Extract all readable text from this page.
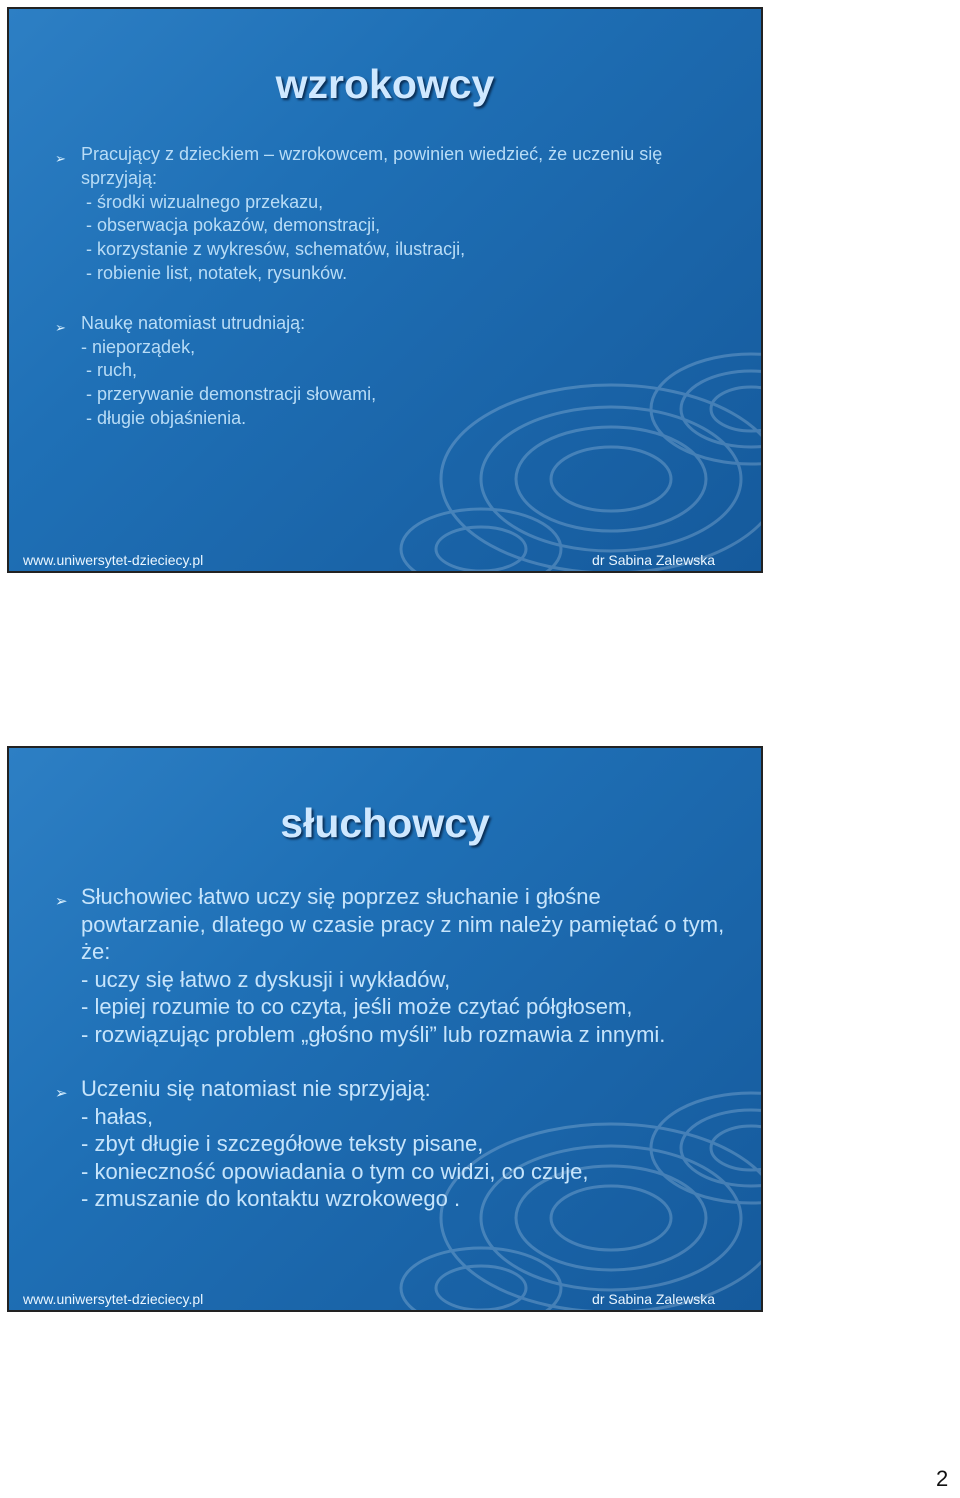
wzrokowcy
➢ Pracujący z dzieckiem – wzrokowcem, powinien wiedzieć, że uczeniu się sprzyjają:
- środki wizualnego przekazu,
- obserwacja pokazów, demonstracji,
- korzystanie z wykresów, schematów, ilustracji,
- robienie list, notatek, rysunków.
➢ Naukę natomiast utrudniają:
- nieporządek,
- ruch,
- przerywanie demonstracji słowami,
- długie objaśnienia.
www.uniwersytet-dzieciecy.pl	dr Sabina Zalewska
słuchowcy
➢ Słuchowiec łatwo uczy się poprzez słuchanie i głośne powtarzanie, dlatego w czasie pracy z nim należy pamiętać o tym, że:
- uczy się łatwo z dyskusji i wykładów,
- lepiej rozumie to co czyta, jeśli może czytać półgłosem,
- rozwiązując problem „głośno myśli” lub rozmawia z innymi.
➢ Uczeniu się natomiast nie sprzyjają:
- hałas,
- zbyt długie i szczegółowe teksty pisane,
- konieczność opowiadania o tym co widzi, co czuje,
- zmuszanie do kontaktu wzrokowego .
www.uniwersytet-dzieciecy.pl	dr Sabina Zalewska
2
